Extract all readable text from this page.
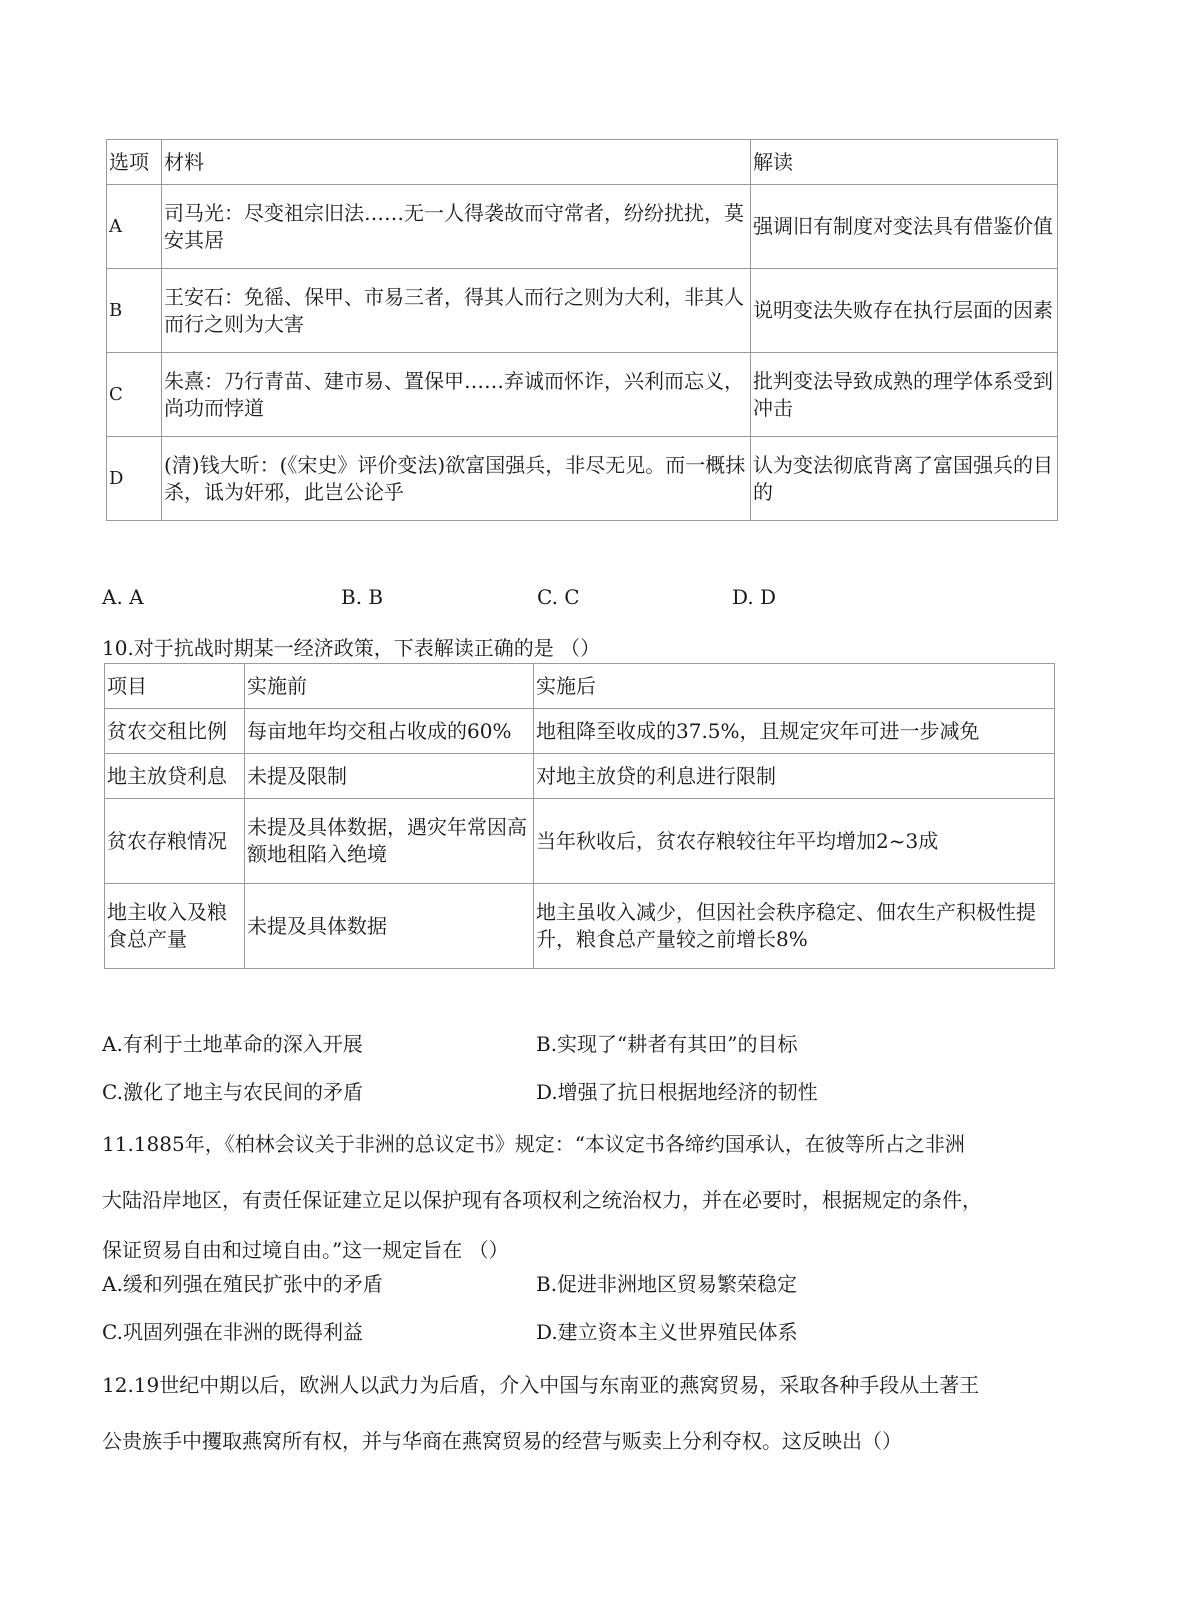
选项	材料	解读
A	司马光：尽变祖宗旧法……无一人得袭故而守常者，纷纷扰扰，莫安其居	强调旧有制度对变法具有借鉴价值
B	王安石：免徭、保甲、市易三者，得其人而行之则为大利，非其人而行之则为大害	说明变法失败存在执行层面的因素
C	朱熹：乃行青苗、建市易、置保甲……弃诚而怀诈，兴利而忘义，尚功而悖道	批判变法导致成熟的理学体系受到冲击
D	(清)钱大昕：(《宋史》评价变法)欲富国强兵，非尽无见。而一概抹杀，诋为奸邪，此岂公论乎	认为变法彻底背离了富国强兵的目的
A. A	B. B	C. C	D. D
10.对于抗战时期某一经济政策，下表解读正确的是 （）
项目	实施前	实施后
贫农交租比例	每亩地年均交租占收成的60%	地租降至收成的37.5%，且规定灾年可进一步减免
地主放贷利息	未提及限制	对地主放贷的利息进行限制
贫农存粮情况	未提及具体数据，遇灾年常因高额地租陷入绝境	当年秋收后，贫农存粮较往年平均增加2~3成
地主收入及粮食总产量	未提及具体数据	地主虽收入减少，但因社会秩序稳定、佃农生产积极性提升，粮食总产量较之前增长8%
A.有利于土地革命的深入开展	B.实现了“耕者有其田”的目标
C.激化了地主与农民间的矛盾	D.增强了抗日根据地经济的韧性
11.1885年，《柏林会议关于非洲的总议定书》规定：“本议定书各缔约国承认，在彼等所占之非洲
大陆沿岸地区，有责任保证建立足以保护现有各项权利之统治权力，并在必要时，根据规定的条件，
保证贸易自由和过境自由。”这一规定旨在 （）
A.缓和列强在殖民扩张中的矛盾	B.促进非洲地区贸易繁荣稳定
C.巩固列强在非洲的既得利益	D.建立资本主义世界殖民体系
12.19世纪中期以后，欧洲人以武力为后盾，介入中国与东南亚的燕窝贸易，采取各种手段从土著王
公贵族手中攫取燕窝所有权，并与华商在燕窝贸易的经营与贩卖上分利夺权。这反映出（）
